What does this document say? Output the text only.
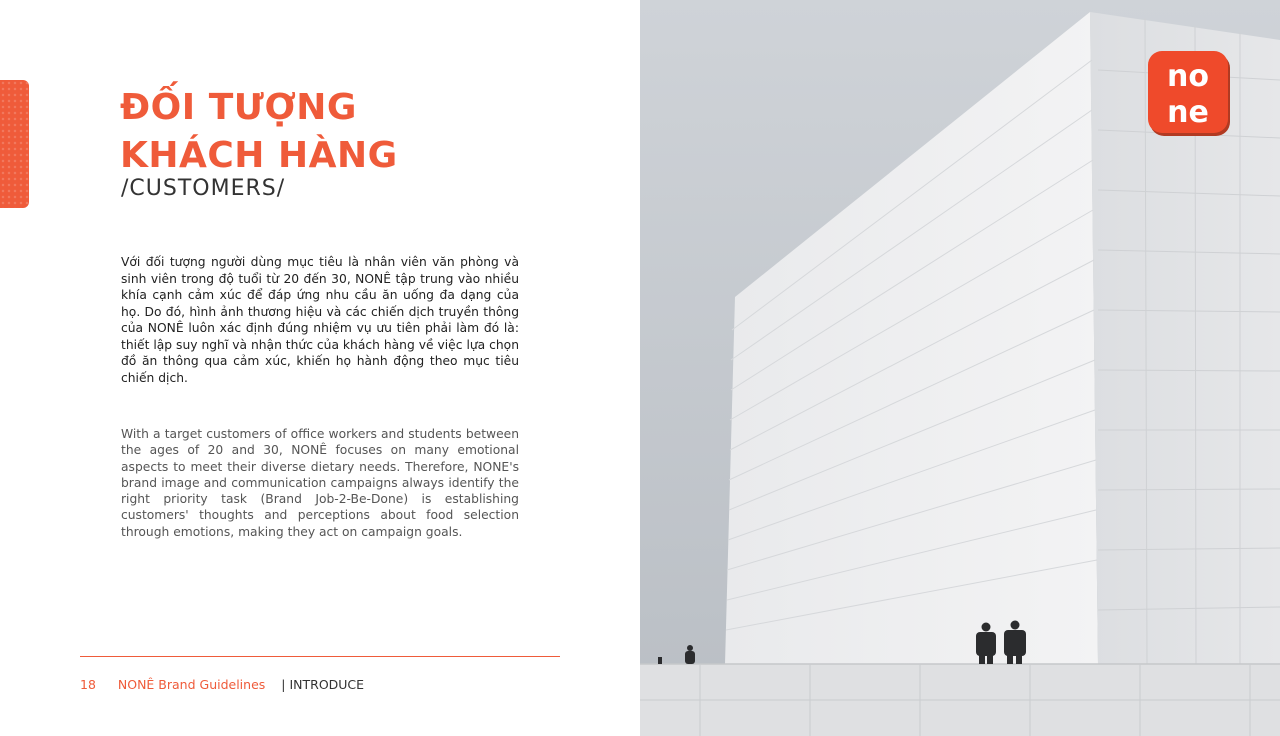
ĐỐI TƯỢNG
KHÁCH HÀNG
/CUSTOMERS/

Với đối tượng người dùng mục tiêu là nhân viên văn phòng và sinh viên trong độ tuổi từ 20 đến 30, NONÊ tập trung vào nhiều khía cạnh cảm xúc để đáp ứng nhu cầu ăn uống đa dạng của họ. Do đó, hình ảnh thương hiệu và các chiến dịch truyền thông của NONÊ luôn xác định đúng nhiệm vụ ưu tiên phải làm đó là: thiết lập suy nghĩ và nhận thức của khách hàng về việc lựa chọn đồ ăn thông qua cảm xúc, khiến họ hành động theo mục tiêu chiến dịch.

With a target customers of office workers and students between the ages of 20 and 30, NONÊ focuses on many emotional aspects to meet their diverse dietary needs. Therefore, NONE's brand image and communication campaigns always identify the right priority task (Brand Job-2-Be-Done) is establishing customers' thoughts and perceptions about food selection through emotions, making they act on campaign goals.

18 NONÊ Brand Guidelines | INTRODUCE
no
ne
